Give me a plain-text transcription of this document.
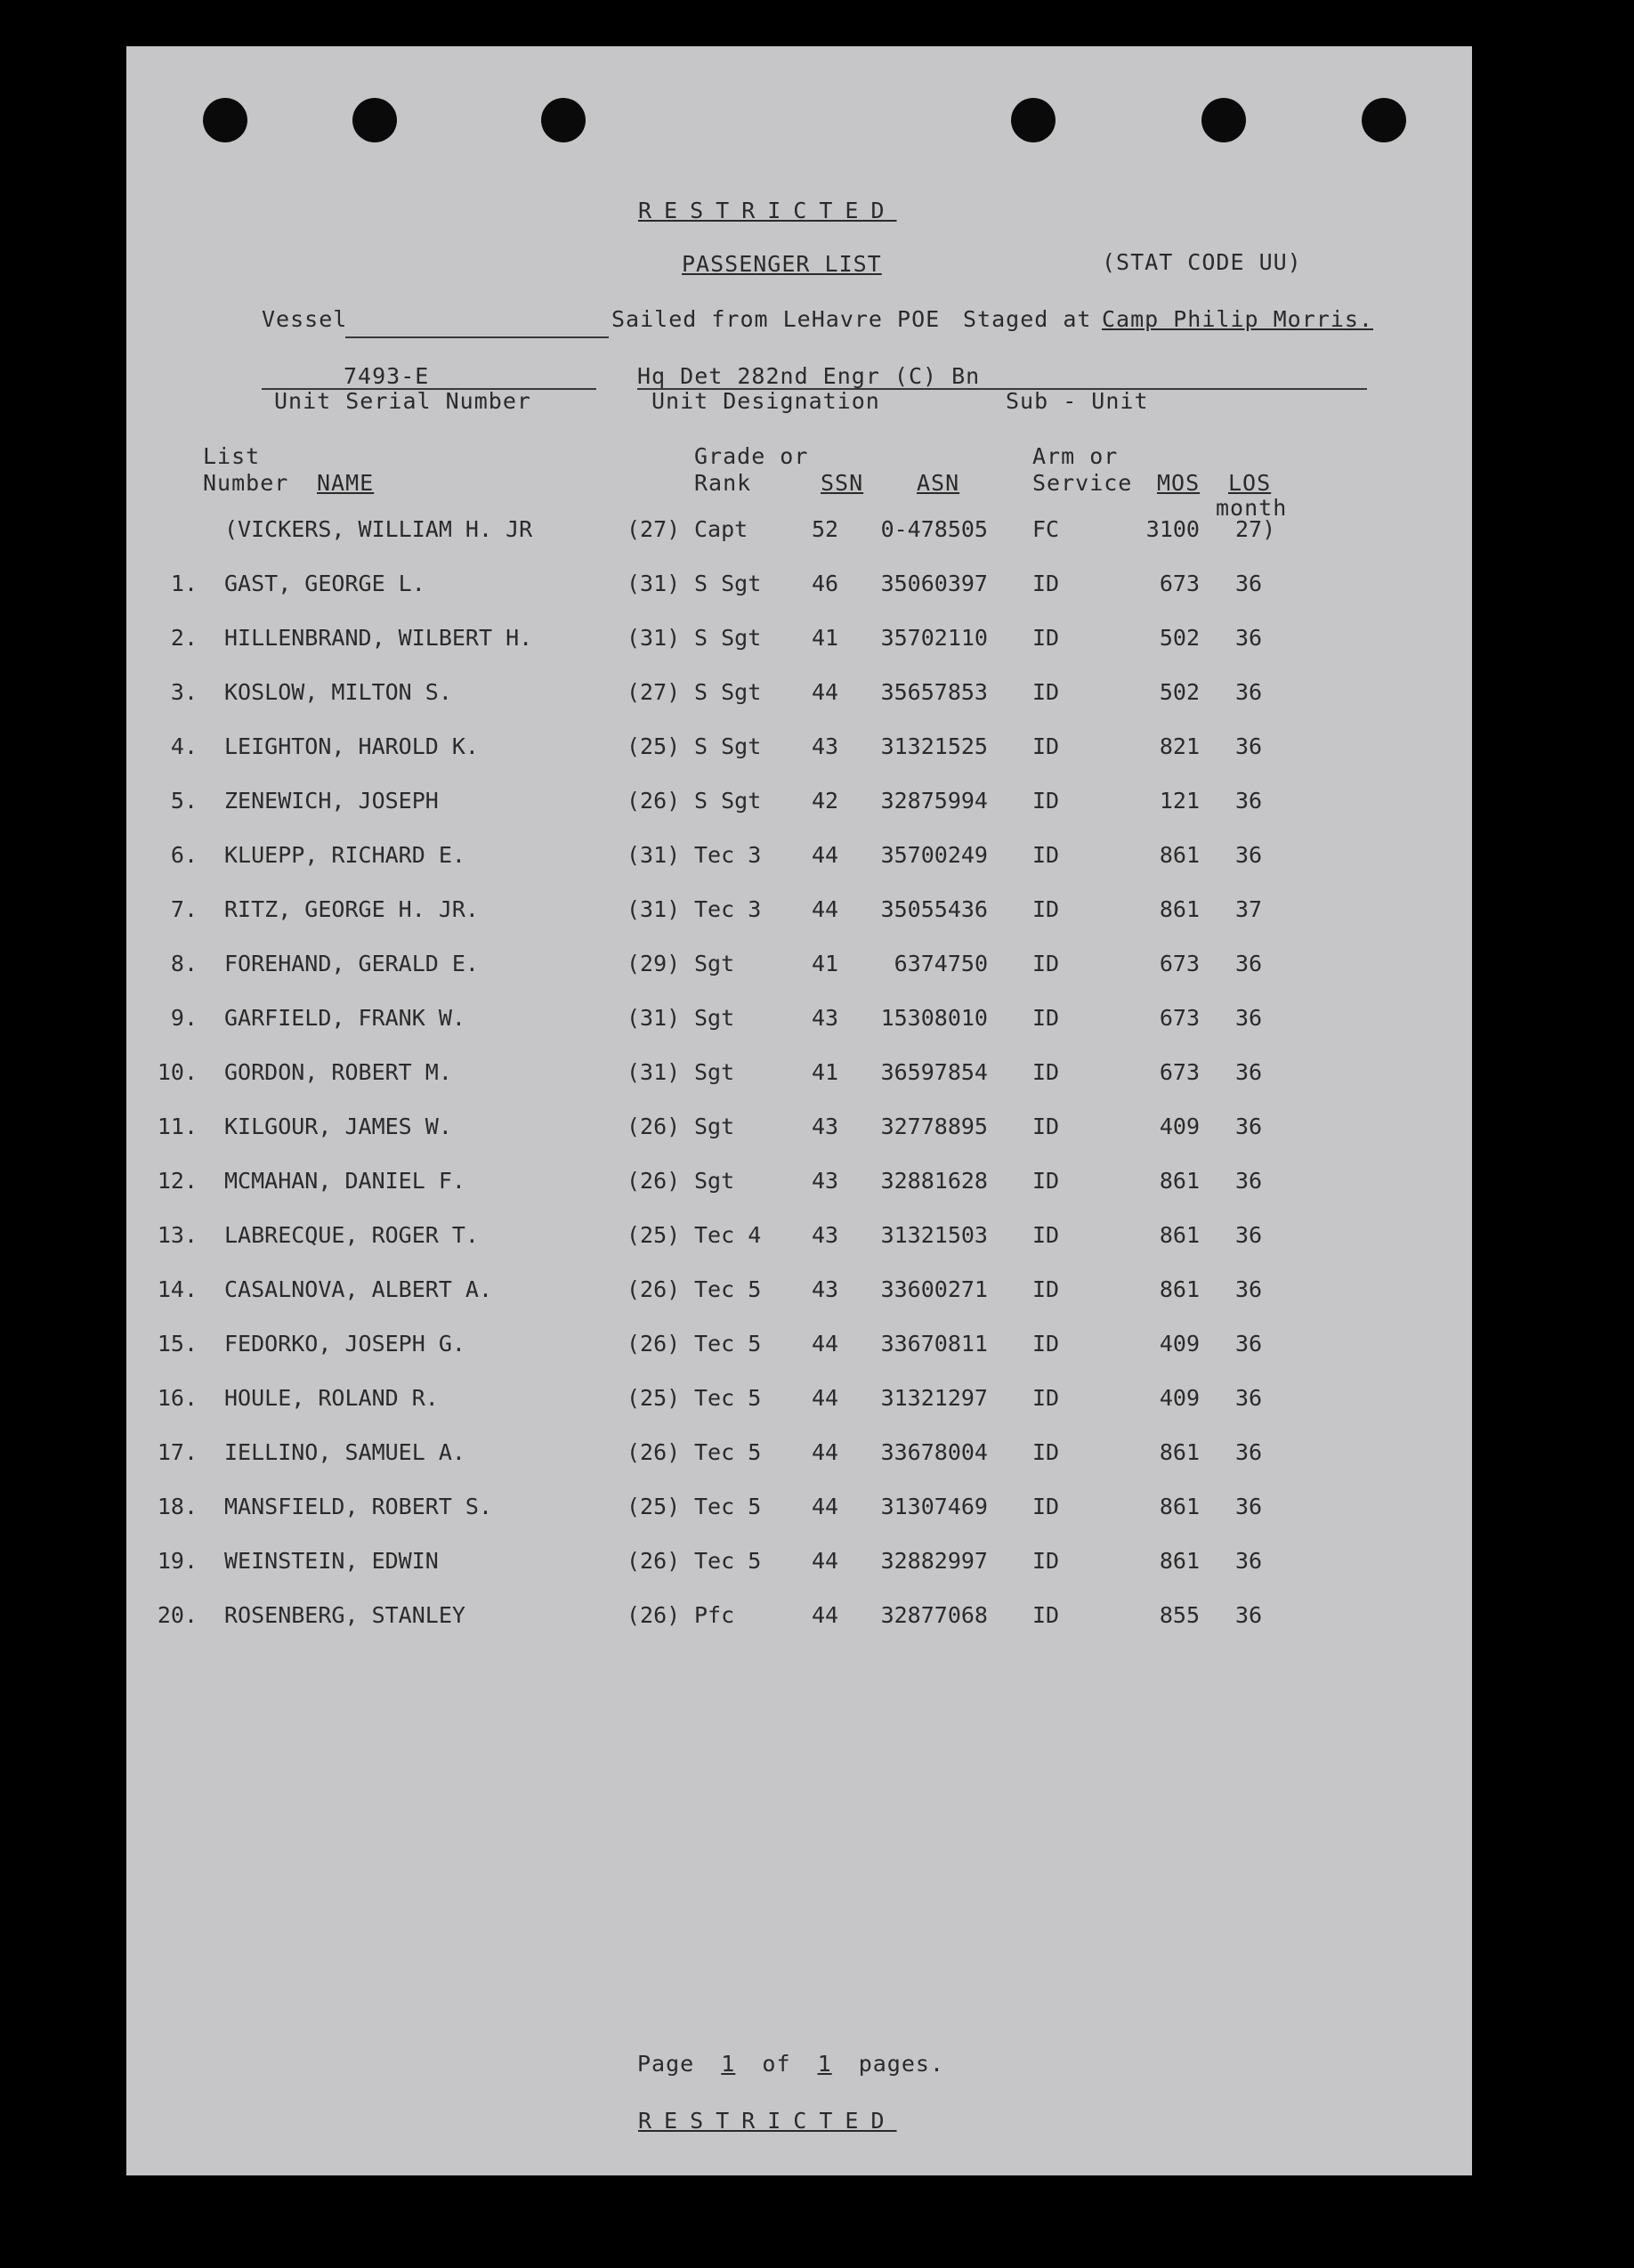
RESTRICTED
PASSENGER LIST	(STAT CODE UU)
Vessel	Sailed from LeHavre POE Staged at Camp Philip Morris.
7493-E
Unit Serial Number
Hq Det 282nd Engr (C) Bn
Unit Designation	Sub - Unit
List Number	NAME
Grade or Rank	SSN ASN
Arm or Service	MOS LOS
month
(VICKERS, WILLIAM H. JR	(27) Capt	52	0-478505 FC	3100 27)
1. GAST, GEORGE L.	(31) S Sgt 46	35060397 ID	673 36
2. HILLENBRAND, WILBERT H.	(31) S Sgt 41	35702110 ID	502 36
3. KOSLOW, MILTON S.	(27) S Sgt 44	35657853 ID	502 36
4. LEIGHTON, HAROLD K.	(25) S Sgt 43	31321525 ID	821 36
5. ZENEWICH, JOSEPH	(26) S Sgt 42	32875994 ID	121 36
6. KLUEPP, RICHARD E.	(31) Tec 3 44	35700249 ID	861 36
7. RITZ, GEORGE H. JR.	(31) Tec 3 44	35055436 ID	861 37
8. FOREHAND, GERALD E.	(29) Sgt	41	6374750 ID	673 36
9. GARFIELD, FRANK W.	(31) Sgt	43	15308010 ID	673 36
10. GORDON, ROBERT M.	(31) Sgt	41	36597854 ID	673 36
11. KILGOUR, JAMES W.	(26) Sgt	43	32778895 ID	409 36
12. MCMAHAN, DANIEL F.	(26) Sgt	43	32881628 ID	861 36
13. LABRECQUE, ROGER T.	(25) Tec 4 43	31321503 ID	861 36
14. CASALNOVA, ALBERT A.	(26) Tec 5 43	33600271 ID	861 36
15. FEDORKO, JOSEPH G.	(26) Tec 5 44	33670811 ID	409 36
16. HOULE, ROLAND R.	(25) Tec 5 44	31321297 ID	409 36
17. IELLINO, SAMUEL A.	(26) Tec 5 44	33678004 ID	861 36
18. MANSFIELD, ROBERT S.	(25) Tec 5 44	31307469 ID	861 36
19. WEINSTEIN, EDWIN	(26) Tec 5 44	32882997 ID	861 36
20. ROSENBERG, STANLEY	(26) Pfc	44	32877068 ID	855 36
Page 1 of 1 pages.
RESTRICTED
